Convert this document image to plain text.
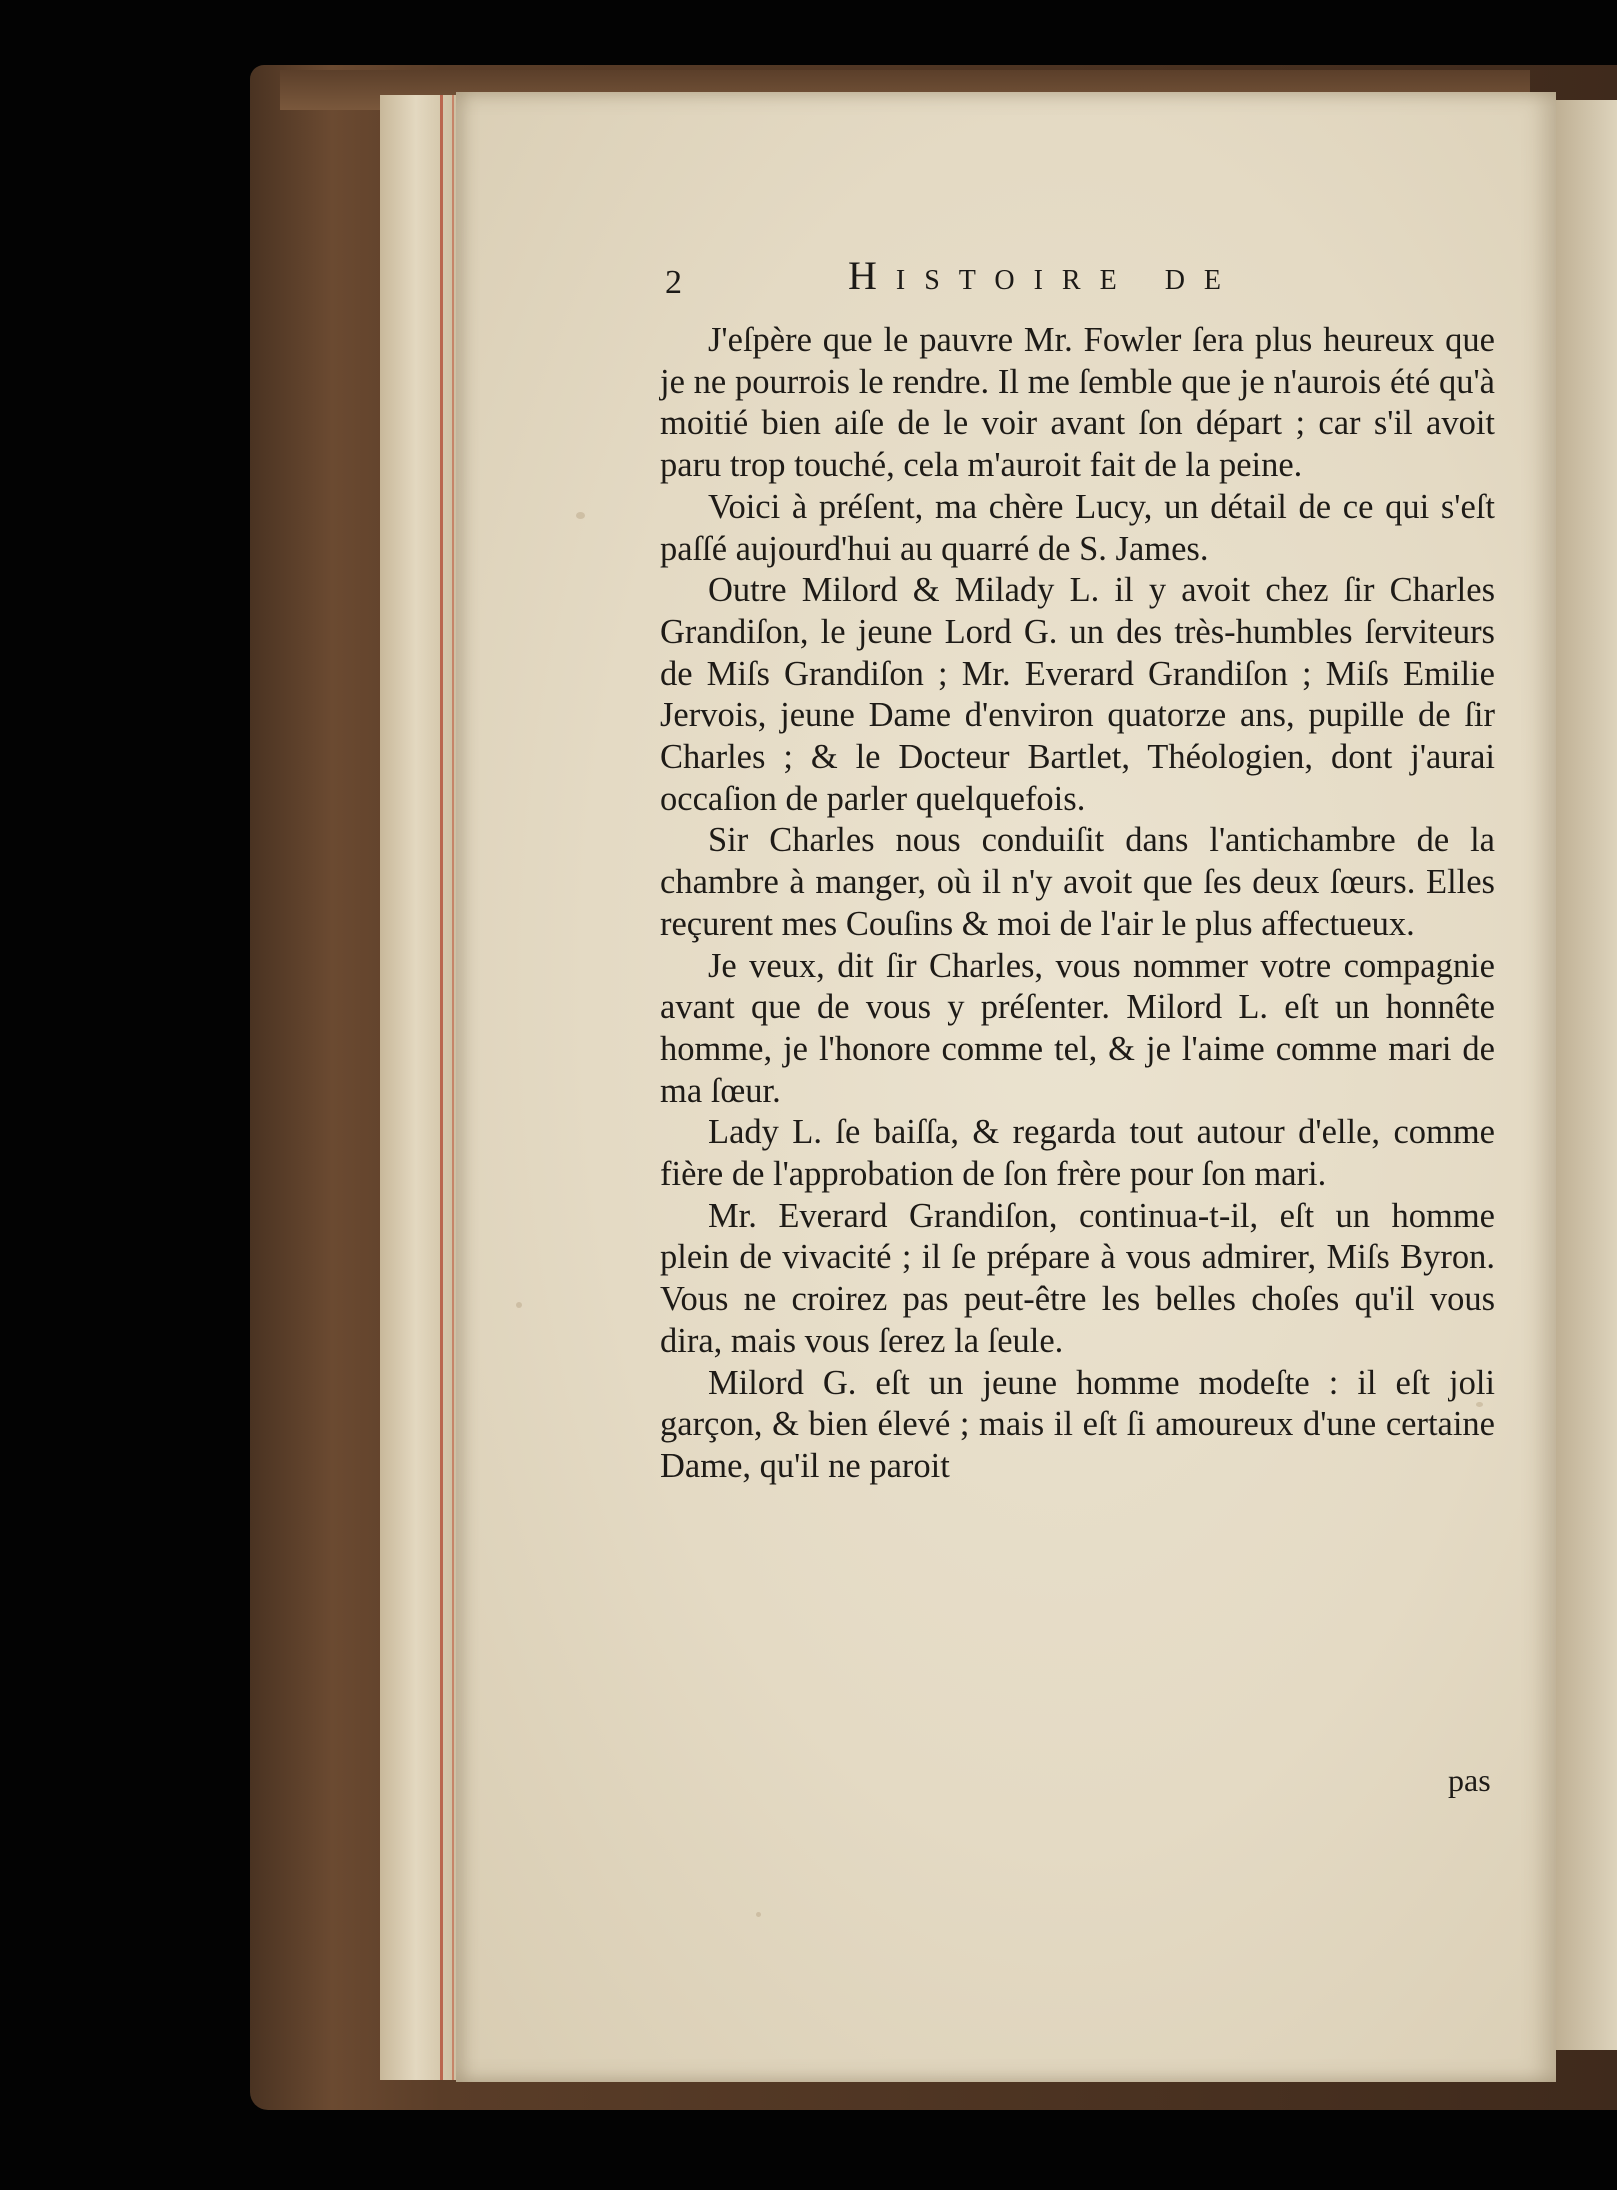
2	Histoire de

J'eſpère que le pauvre Mr. Fowler ſera plus heureux que je ne pourrois le rendre. Il me ſemble que je n'aurois été qu'à moitié bien aiſe de le voir avant ſon départ ; car s'il avoit paru trop touché, cela m'auroit fait de la peine.

Voici à préſent, ma chère Lucy, un détail de ce qui s'eſt paſſé aujourd'hui au quarré de S. James.

Outre Milord & Milady L. il y avoit chez ſir Charles Grandiſon, le jeune Lord G. un des très-humbles ſerviteurs de Miſs Grandiſon ; Mr. Everard Grandiſon ; Miſs Emilie Jervois, jeune Dame d'environ quatorze ans, pupille de ſir Charles ; & le Docteur Bartlet, Théologien, dont j'aurai occaſion de parler quelquefois.

Sir Charles nous conduiſit dans l'antichambre de la chambre à manger, où il n'y avoit que ſes deux ſœurs. Elles reçurent mes Couſins & moi de l'air le plus affectueux.

Je veux, dit ſir Charles, vous nommer votre compagnie avant que de vous y préſenter. Milord L. eſt un honnête homme, je l'honore comme tel, & je l'aime comme mari de ma ſœur.

Lady L. ſe baiſſa, & regarda tout autour d'elle, comme fière de l'approbation de ſon frère pour ſon mari.

Mr. Everard Grandiſon, continua-t-il, eſt un homme plein de vivacité ; il ſe prépare à vous admirer, Miſs Byron. Vous ne croirez pas peut-être les belles choſes qu'il vous dira, mais vous ſerez la ſeule.

Milord G. eſt un jeune homme modeſte : il eſt joli garçon, & bien élevé ; mais il eſt ſi amoureux d'une certaine Dame, qu'il ne paroit

pas
